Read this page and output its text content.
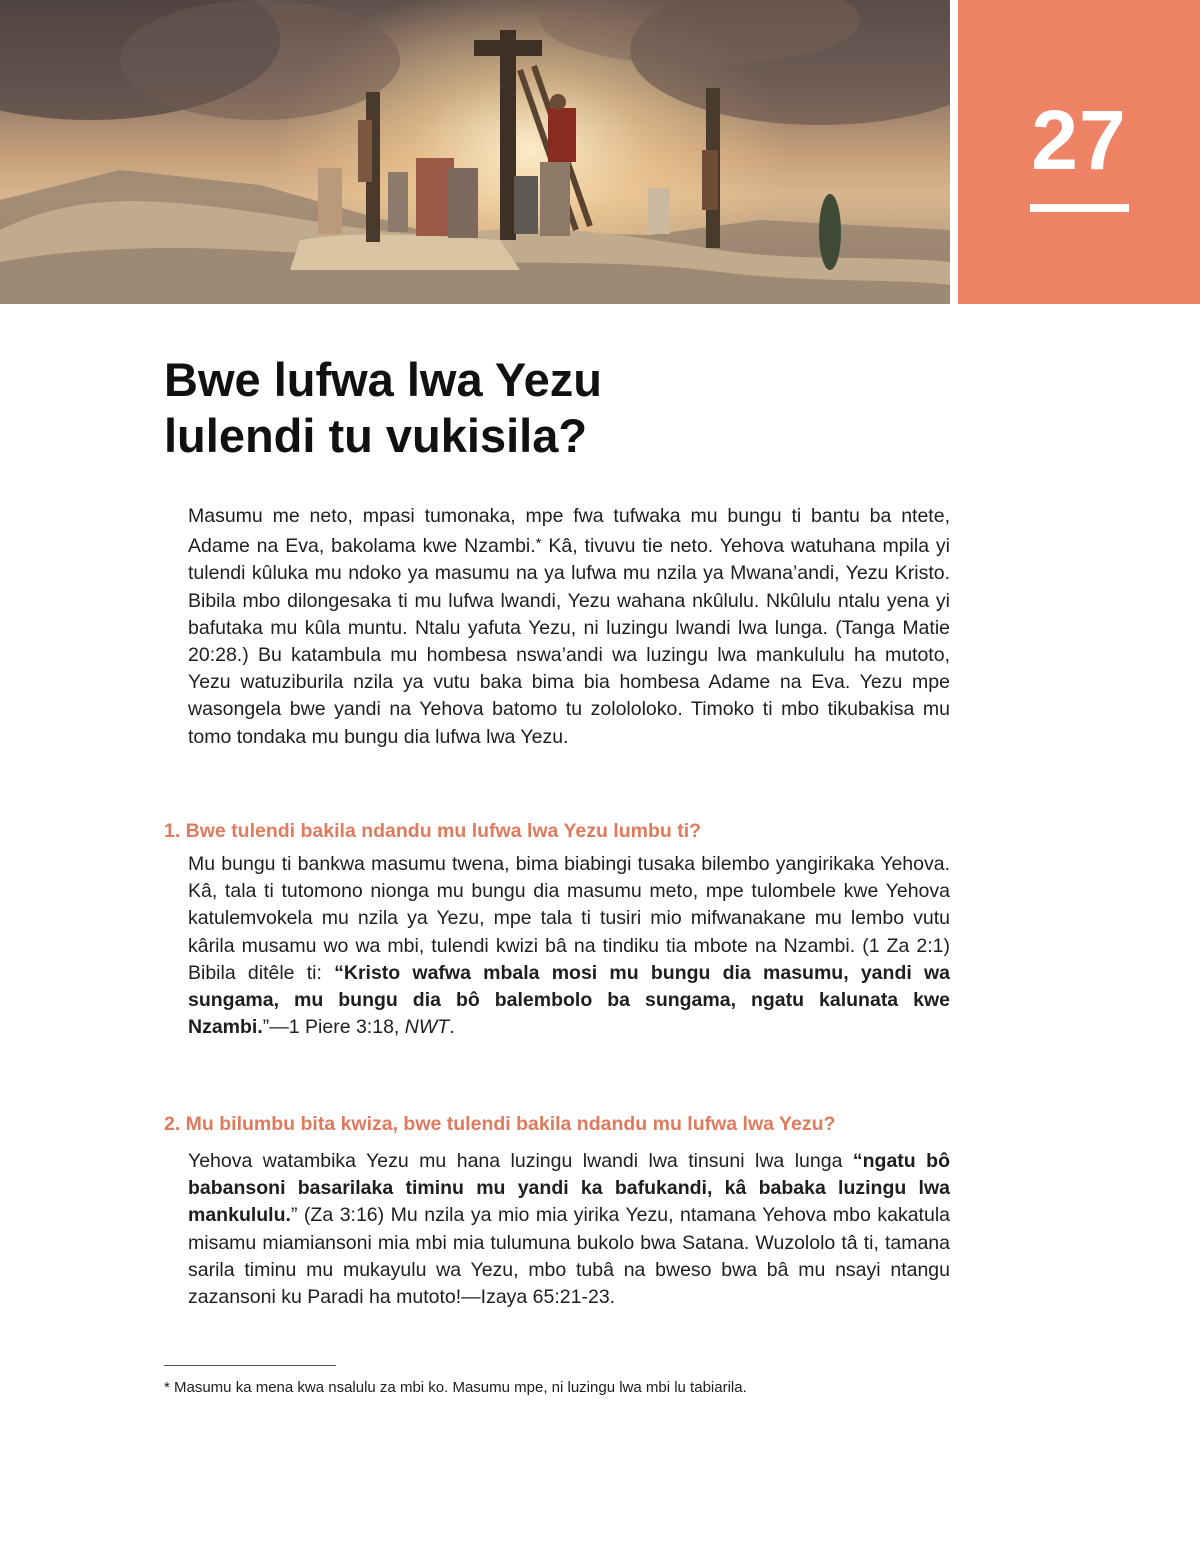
27
Bwe lufwa lwa Yezu
lulendi tu vukisila?

Masumu me neto, mpasi tumonaka, mpe fwa tufwaka mu bungu ti bantu ba ntete, Adame na Eva, bakolama kwe Nzambi.* Kâ, tivuvu tie neto. Yehova watuhana mpila yi tulendi kûluka mu ndoko ya masumu na ya lufwa mu nzila ya Mwana’andi, Yezu Kristo. Bibila mbo dilongesaka ti mu lufwa lwandi, Yezu wahana nkûlulu. Nkûlulu ntalu yena yi bafutaka mu kûla muntu. Ntalu yafuta Yezu, ni luzingu lwandi lwa lunga. (Tanga Matie 20:28.) Bu katambula mu hombesa nswa’andi wa luzingu lwa mankululu ha mutoto, Yezu watuziburila nzila ya vutu baka bima bia hombesa Adame na Eva. Yezu mpe wasongela bwe yandi na Yehova batomo tu zolololoko. Timoko ti mbo tikubakisa mu tomo tondaka mu bungu dia lufwa lwa Yezu.

1. Bwe tulendi bakila ndandu mu lufwa lwa Yezu lumbu ti?

Mu bungu ti bankwa masumu twena, bima biabingi tusaka bilembo yangirikaka Yehova. Kâ, tala ti tutomono nionga mu bungu dia masumu meto, mpe tulombele kwe Yehova katulemvokela mu nzila ya Yezu, mpe tala ti tusiri mio mifwanakane mu lembo vutu kârila musamu wo wa mbi, tulendi kwizi bâ na tindiku tia mbote na Nzambi. (1 Za 2:1) Bibila ditêle ti: “Kristo wafwa mbala mosi mu bungu dia masumu, yandi wa sungama, mu bungu dia bô balembolo ba sungama, ngatu kalunata kwe Nzambi.”—1 Piere 3:18, NWT.

2. Mu bilumbu bita kwiza, bwe tulendi bakila ndandu mu lufwa lwa Yezu?

Yehova watambika Yezu mu hana luzingu lwandi lwa tinsuni lwa lunga “ngatu bô babansoni basarilaka timinu mu yandi ka bafukandi, kâ babaka luzingu lwa mankululu.” (Za 3:16) Mu nzila ya mio mia yirika Yezu, ntamana Yehova mbo kakatula misamu miamiansoni mia mbi mia tulumuna bukolo bwa Satana. Wuzololo tâ ti, tamana sarila timinu mu mukayulu wa Yezu, mbo tubâ na bweso bwa bâ mu nsayi ntangu zazansoni ku Paradi ha mutoto!—Izaya 65:21-23.

* Masumu ka mena kwa nsalulu za mbi ko. Masumu mpe, ni luzingu lwa mbi lu tabiarila.
